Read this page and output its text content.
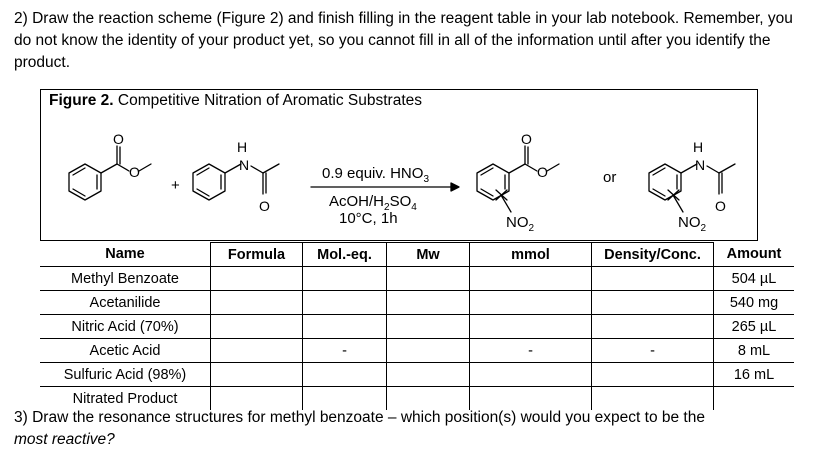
2) Draw the reaction scheme (Figure 2) and finish filling in the reagent table in your lab notebook. Remember, you do not know the identity of your product yet, so you cannot fill in all of the information until after you identify the product.
Figure 2. Competitive Nitration of Aromatic Substrates
O
O
+
H
N
O
0.9 equiv. $HNO_3$
AcOH/$H_2SO_4$
10°C, 1h
O
O
$NO_2$
or
H
N
O
$NO_2$
Name	Formula	Mol.-eq.	Mw	mmol	Density/Conc.	Amount
Methyl Benzoate						504 µL
Acetanilide						540 mg
Nitric Acid (70%)						265 µL
Acetic Acid		-		-	-	8 mL
Sulfuric Acid (98%)						16 mL
Nitrated Product						
3) Draw the resonance structures for methyl benzoate – which position(s) would you expect to be the
most reactive?
